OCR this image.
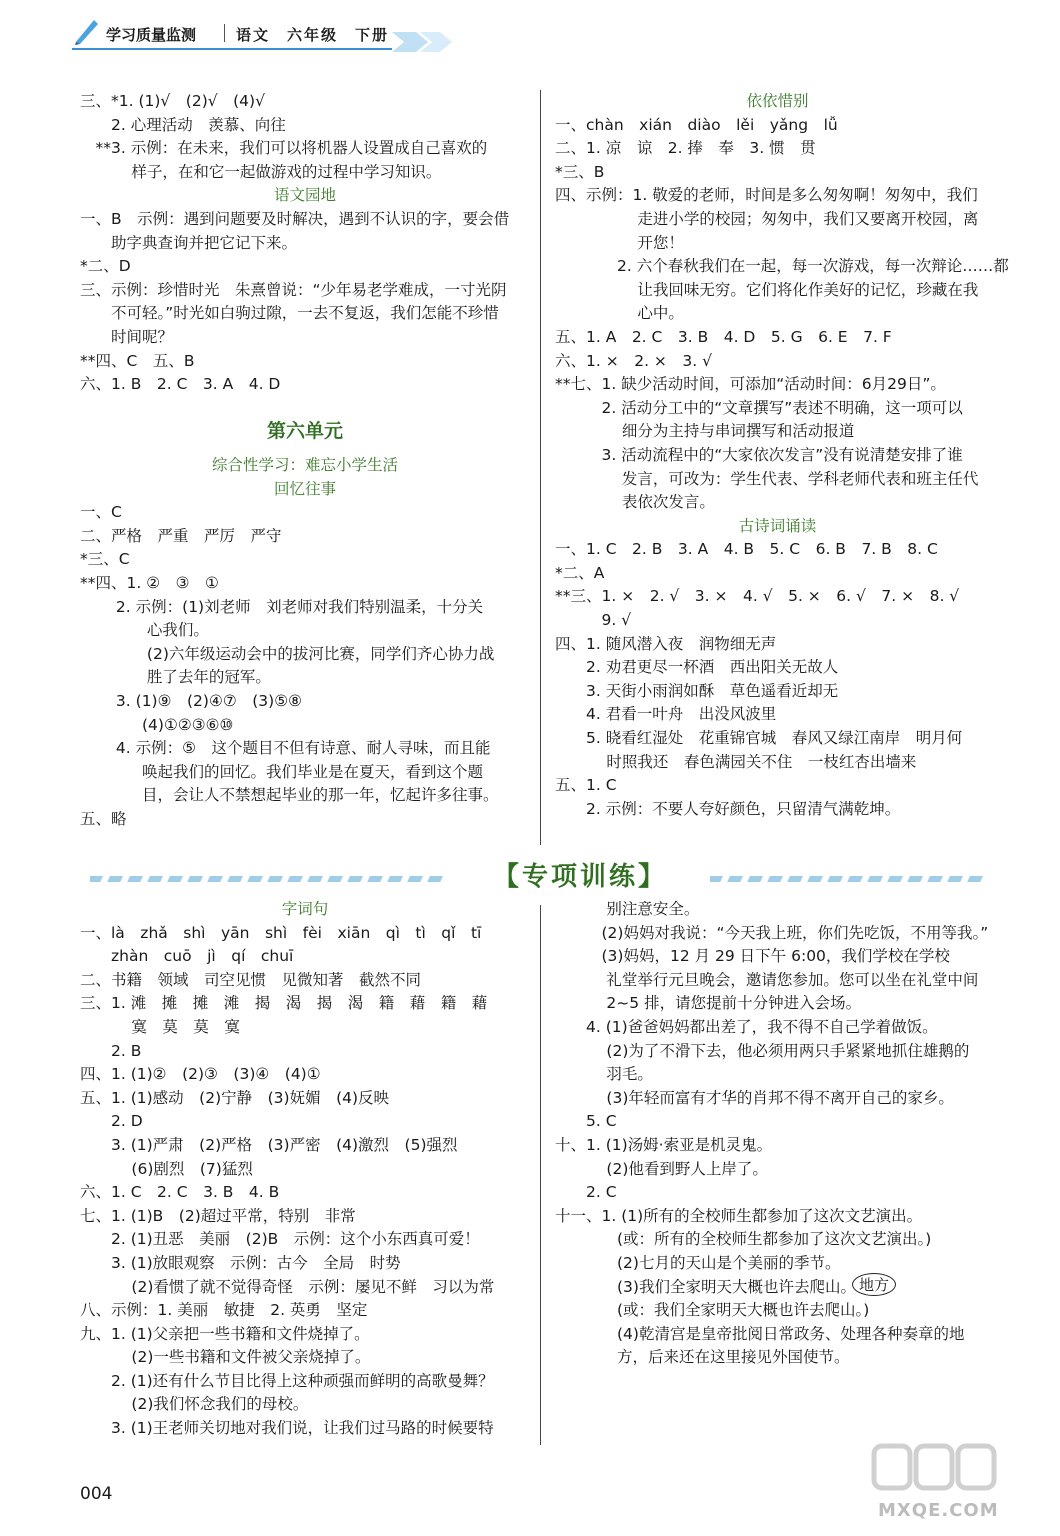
学习质量监测	语文　六年级　下册
三、*1. (1)√　(2)√　(4)√
　　2. 心理活动　羡慕、向往
　**3. 示例：在未来，我们可以将机器人设置成自己喜欢的
　　　 样子，在和它一起做游戏的过程中学习知识。
语文园地
一、B　示例：遇到问题要及时解决，遇到不认识的字，要会借
　　助字典查询并把它记下来。
*二、D
三、示例：珍惜时光　朱熹曾说：“少年易老学难成，一寸光阴
　　不可轻。”时光如白驹过隙，一去不复返，我们怎能不珍惜
　　时间呢？
**四、C　五、B
六、1. B　2. C　3. A　4. D
第六单元
综合性学习：难忘小学生活
回忆往事
一、C
二、严格　严重　严厉　严守
*三、C
**四、1. ②　③　①
　　 2. 示例：(1)刘老师　刘老师对我们特别温柔，十分关
　　　　 心我们。
　　　　 (2)六年级运动会中的拔河比赛，同学们齐心协力战
　　　　 胜了去年的冠军。
　　 3. (1)⑨　(2)④⑦　(3)⑤⑧
　　　　(4)①②③⑥⑩
　　 4. 示例：⑤　这个题目不但有诗意、耐人寻味，而且能
　　　　唤起我们的回忆。我们毕业是在夏天，看到这个题
　　　　目，会让人不禁想起毕业的那一年，忆起许多往事。
五、略
依依惜别
一、chàn　xián　diào　lěi　yǎng　lǚ
二、1. 凉　谅　2. 捧　奉　3. 惯　贯
*三、B
四、示例：1. 敬爱的老师，时间是多么匆匆啊！匆匆中，我们
　　　　　 走进小学的校园；匆匆中，我们又要离开校园，离
　　　　　 开您！
　　　　2. 六个春秋我们在一起，每一次游戏，每一次辩论……都
　　　　　 让我回味无穷。它们将化作美好的记忆，珍藏在我
　　　　　 心中。
五、1. A　2. C　3. B　4. D　5. G　6. E　7. F
六、1. ×　2. ×　3. √
**七、1. 缺少活动时间，可添加“活动时间：6月29日”。
　　　2. 活动分工中的“文章撰写”表述不明确，这一项可以
　　　　 细分为主持与串词撰写和活动报道
　　　3. 活动流程中的“大家依次发言”没有说清楚安排了谁
　　　　 发言，可改为：学生代表、学科老师代表和班主任代
　　　　 表依次发言。
古诗词诵读
一、1. C　2. B　3. A　4. B　5. C　6. B　7. B　8. C
*二、A
**三、1. ×　2. √　3. ×　4. √　5. ×　6. √　7. ×　8. √
　　　9. √
四、1. 随风潜入夜　润物细无声
　　2. 劝君更尽一杯酒　西出阳关无故人
　　3. 天街小雨润如酥　草色遥看近却无
　　4. 君看一叶舟　出没风波里
　　5. 晓看红湿处　花重锦官城　春风又绿江南岸　明月何
　　　 时照我还　春色满园关不住　一枝红杏出墙来
五、1. C
　　2. 示例：不要人夸好颜色，只留清气满乾坤。
【专项训练】
字词句
一、là　zhǎ　shì　yān　shì　fèi　xiān　qì　tì　qǐ　tī
　　zhàn　cuō　jì　qí　chuī
二、书籍　领域　司空见惯　见微知著　截然不同
三、1. 滩　摊　摊　滩　揭　渴　揭　渴　籍　藉　籍　藉
　　　 寞　莫　莫　寞
　　2. B
四、1. (1)②　(2)③　(3)④　(4)①
五、1. (1)感动　(2)宁静　(3)妩媚　(4)反映
　　2. D
　　3. (1)严肃　(2)严格　(3)严密　(4)激烈　(5)强烈
　　　 (6)剧烈　(7)猛烈
六、1. C　2. C　3. B　4. B
七、1. (1)B　(2)超过平常，特别　非常
　　2. (1)丑恶　美丽　(2)B　示例：这个小东西真可爱！
　　3. (1)放眼观察　示例：古今　全局　时势
　　　 (2)看惯了就不觉得奇怪　示例：屡见不鲜　习以为常
八、示例：1. 美丽　敏捷　2. 英勇　坚定
九、1. (1)父亲把一些书籍和文件烧掉了。
　　　 (2)一些书籍和文件被父亲烧掉了。
　　2. (1)还有什么节目比得上这种顽强而鲜明的高歌曼舞？
　　　 (2)我们怀念我们的母校。
　　3. (1)王老师关切地对我们说，让我们过马路的时候要特
　　　 别注意安全。
　　　(2)妈妈对我说：“今天我上班，你们先吃饭，不用等我。”
　　　(3)妈妈，12 月 29 日下午 6:00，我们学校在学校
　　　 礼堂举行元旦晚会，邀请您参加。您可以坐在礼堂中间
　　　 2~5 排，请您提前十分钟进入会场。
　　4. (1)爸爸妈妈都出差了，我不得不自己学着做饭。
　　　 (2)为了不滑下去，他必须用两只手紧紧地抓住雄鹅的
　　　 羽毛。
　　　 (3)年轻而富有才华的肖邦不得不离开自己的家乡。
　　5. C
十、1. (1)汤姆·索亚是机灵鬼。
　　　 (2)他看到野人上岸了。
　　2. C
十一、1. (1)所有的全校师生都参加了这次文艺演出。
　　　　(或：所有的全校师生都参加了这次文艺演出。)
　　　　(2)七月的天山是个美丽的季节。
　　　　(3)我们全家明天大概也许去爬山。
　　　　(或：我们全家明天大概也许去爬山。)
　　　　(4)乾清宫是皇帝批阅日常政务、处理各种奏章的地
　　　　方，后来还在这里接见外国使节。
地方
004
MXQE.COM
